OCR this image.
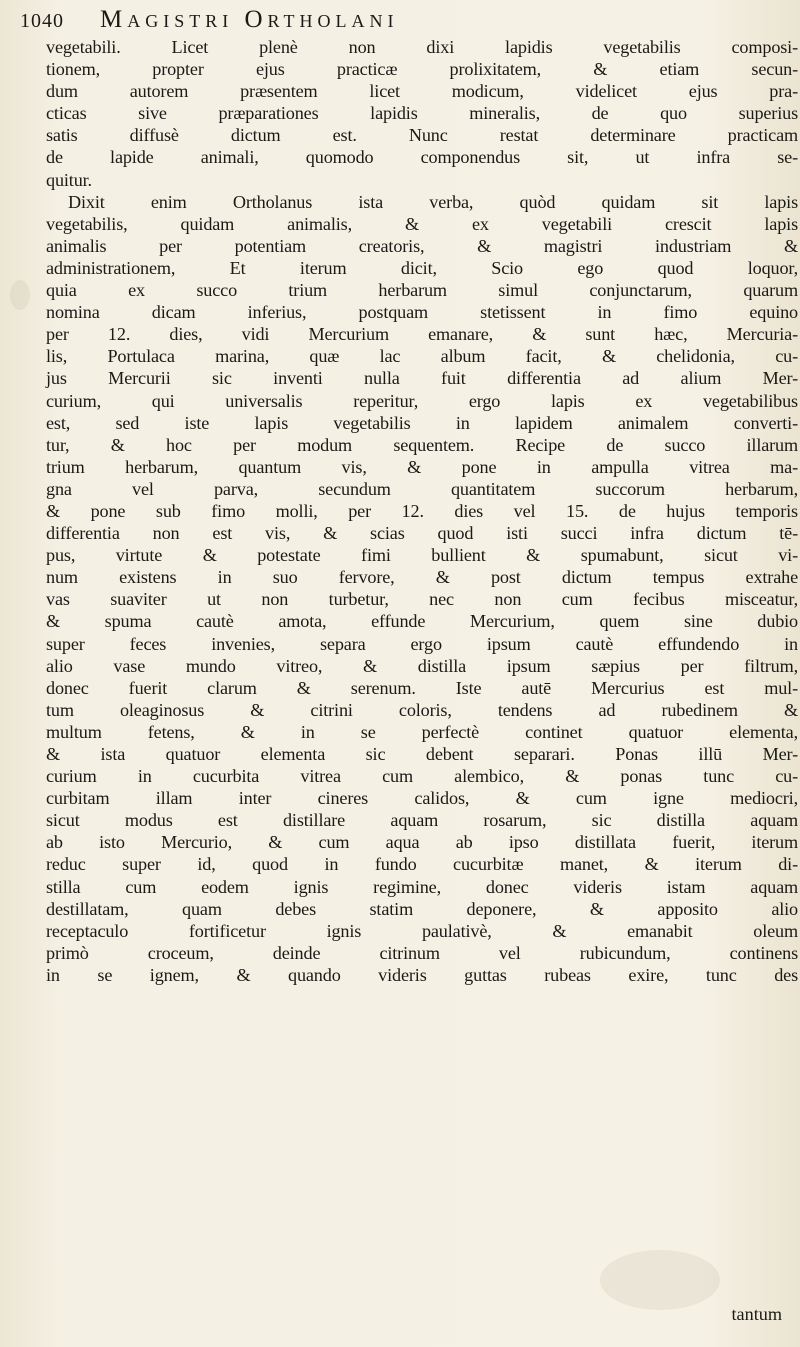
1040 Magistri Ortholani
vegetabili. Licet plenè non dixi lapidis vegetabilis composi-
tionem, propter ejus practicæ prolixitatem, & etiam secun-
dum autorem præsentem licet modicum, videlicet ejus pra-
cticas sive præparationes lapidis mineralis, de quo superius
satis diffusè dictum est. Nunc restat determinare practicam
de lapide animali, quomodo componendus sit, ut infra se-
quitur.
Dixit enim Ortholanus ista verba, quòd quidam sit lapis
vegetabilis, quidam animalis, & ex vegetabili crescit lapis
animalis per potentiam creatoris, & magistri industriam &
administrationem, Et iterum dicit, Scio ego quod loquor,
quia ex succo trium herbarum simul conjunctarum, quarum
nomina dicam inferius, postquam stetissent in fimo equino
per 12. dies, vidi Mercurium emanare, & sunt hæc, Mercuria-
lis, Portulaca marina, quæ lac album facit, & chelidonia, cu-
jus Mercurii sic inventi nulla fuit differentia ad alium Mer-
curium, qui universalis reperitur, ergo lapis ex vegetabilibus
est, sed iste lapis vegetabilis in lapidem animalem converti-
tur, & hoc per modum sequentem. Recipe de succo illarum
trium herbarum, quantum vis, & pone in ampulla vitrea ma-
gna vel parva, secundum quantitatem succorum herbarum,
& pone sub fimo molli, per 12. dies vel 15. de hujus temporis
differentia non est vis, & scias quod isti succi infra dictum tē-
pus, virtute & potestate fimi bullient & spumabunt, sicut vi-
num existens in suo fervore, & post dictum tempus extrahe
vas suaviter ut non turbetur, nec non cum fecibus misceatur,
& spuma cautè amota, effunde Mercurium, quem sine dubio
super feces invenies, separa ergo ipsum cautè effundendo in
alio vase mundo vitreo, & distilla ipsum sæpius per filtrum,
donec fuerit clarum & serenum. Iste autē Mercurius est mul-
tum oleaginosus & citrini coloris, tendens ad rubedinem &
multum fetens, & in se perfectè continet quatuor elementa,
& ista quatuor elementa sic debent separari. Ponas illū Mer-
curium in cucurbita vitrea cum alembico, & ponas tunc cu-
curbitam illam inter cineres calidos, & cum igne mediocri,
sicut modus est distillare aquam rosarum, sic distilla aquam
ab isto Mercurio, & cum aqua ab ipso distillata fuerit, iterum
reduc super id, quod in fundo cucurbitæ manet, & iterum di-
stilla cum eodem ignis regimine, donec videris istam aquam
destillatam, quam debes statim deponere, & apposito alio
receptaculo fortificetur ignis paulativè, & emanabit oleum
primò croceum, deinde citrinum vel rubicundum, continens
in se ignem, & quando videris guttas rubeas exire, tunc des
tantum
